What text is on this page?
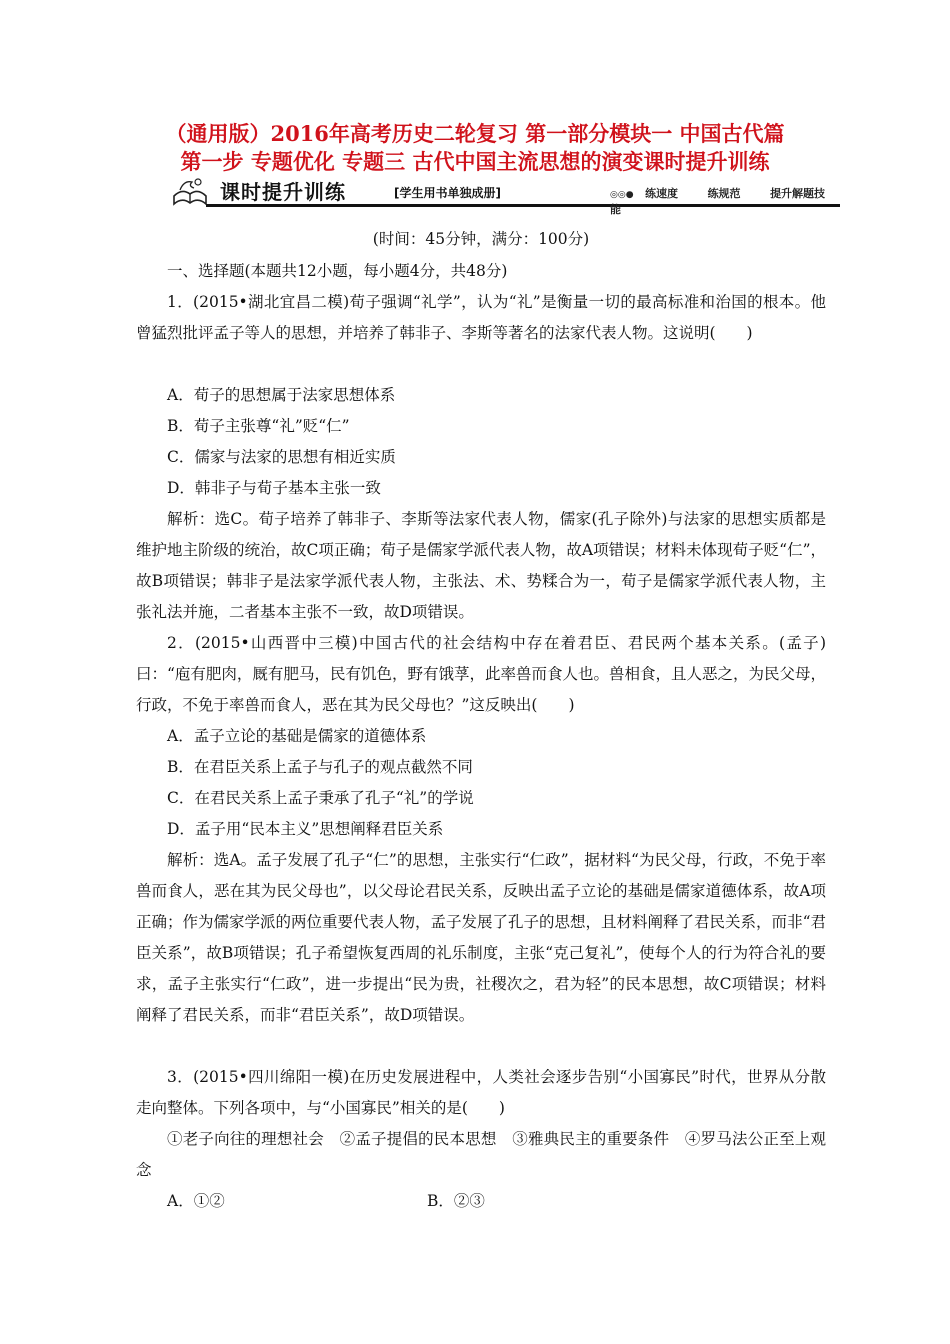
（通用版）2016年高考历史二轮复习 第一部分模块一 中国古代篇
第一步 专题优化 专题三 古代中国主流思想的演变课时提升训练
课时提升训练	[学生用书单独成册]	◎◎● 练速度	练规范	提升解题技能
(时间：45分钟，满分：100分)
一、选择题(本题共12小题，每小题4分，共48分)
1．(2015•湖北宜昌二模)荀子强调“礼学”，认为“礼”是衡量一切的最高标准和治国的根本。他曾猛烈批评孟子等人的思想，并培养了韩非子、李斯等著名的法家代表人物。这说明(　　)
A．荀子的思想属于法家思想体系
B．荀子主张尊“礼”贬“仁”
C．儒家与法家的思想有相近实质
D．韩非子与荀子基本主张一致
解析：选C。荀子培养了韩非子、李斯等法家代表人物，儒家(孔子除外)与法家的思想实质都是维护地主阶级的统治，故C项正确；荀子是儒家学派代表人物，故A项错误；材料未体现荀子贬“仁”，故B项错误；韩非子是法家学派代表人物，主张法、术、势糅合为一，荀子是儒家学派代表人物，主张礼法并施，二者基本主张不一致，故D项错误。
2．(2015•山西晋中三模)中国古代的社会结构中存在着君臣、君民两个基本关系。(孟子)曰：“庖有肥肉，厩有肥马，民有饥色，野有饿莩，此率兽而食人也。兽相食，且人恶之，为民父母，行政，不免于率兽而食人，恶在其为民父母也？”这反映出(　　)
A．孟子立论的基础是儒家的道德体系
B．在君臣关系上孟子与孔子的观点截然不同
C．在君民关系上孟子秉承了孔子“礼”的学说
D．孟子用“民本主义”思想阐释君臣关系
解析：选A。孟子发展了孔子“仁”的思想，主张实行“仁政”，据材料“为民父母，行政，不免于率兽而食人，恶在其为民父母也”，以父母论君民关系，反映出孟子立论的基础是儒家道德体系，故A项正确；作为儒家学派的两位重要代表人物，孟子发展了孔子的思想，且材料阐释了君民关系，而非“君臣关系”，故B项错误；孔子希望恢复西周的礼乐制度，主张“克己复礼”，使每个人的行为符合礼的要求，孟子主张实行“仁政”，进一步提出“民为贵，社稷次之，君为轻”的民本思想，故C项错误；材料阐释了君民关系，而非“君臣关系”，故D项错误。
3．(2015•四川绵阳一模)在历史发展进程中，人类社会逐步告别“小国寡民”时代，世界从分散走向整体。下列各项中，与“小国寡民”相关的是(　　)
①老子向往的理想社会　②孟子提倡的民本思想　③雅典民主的重要条件　④罗马法公正至上观念
A．①②	B．②③
